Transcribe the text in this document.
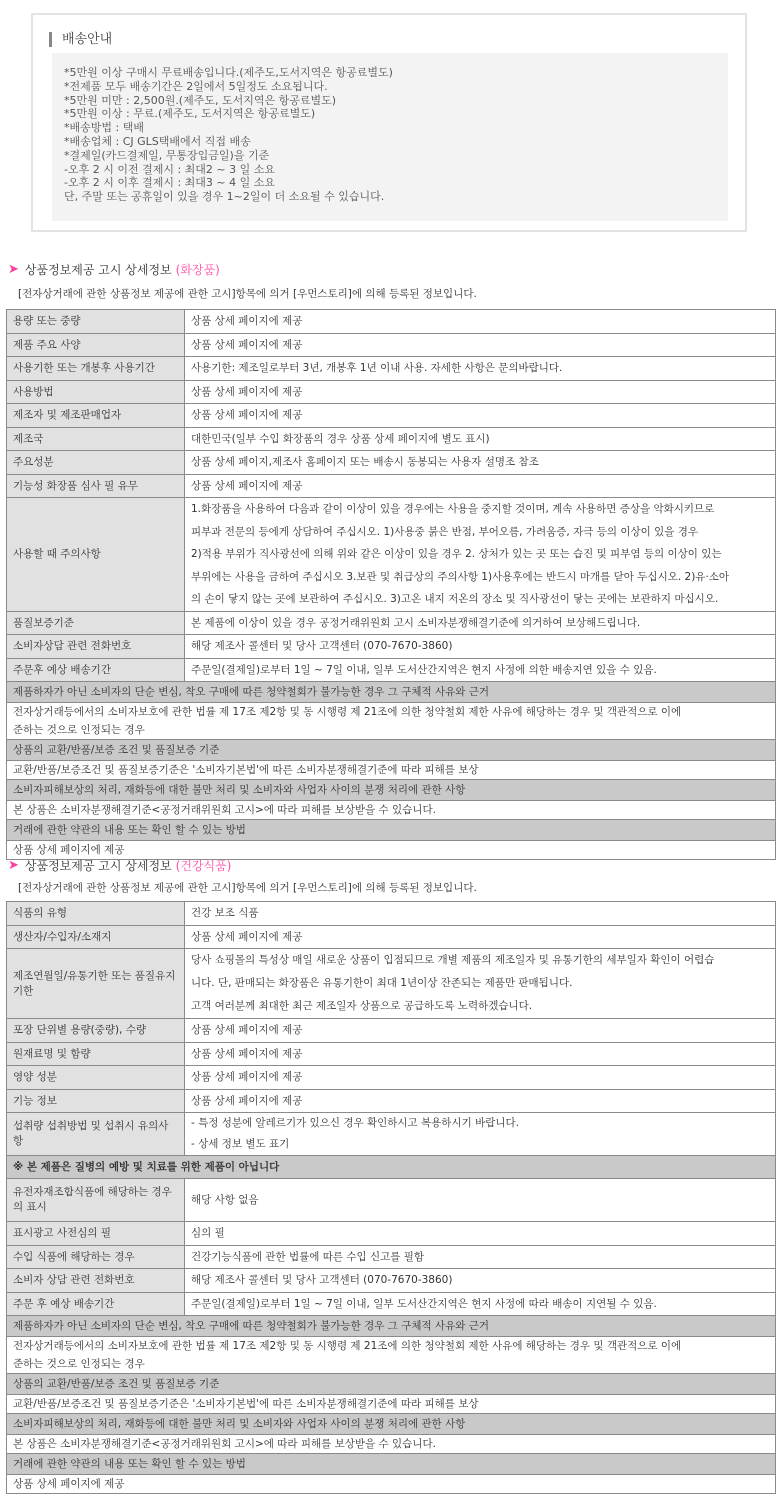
배송안내
*5만원 이상 구매시 무료배송입니다.(제주도,도서지역은 항공료별도)
*전제품 모두 배송기간은 2일에서 5일정도 소요됩니다.
*5만원 미만 : 2,500원.(제주도, 도서지역은 항공료별도)
*5만원 이상 : 무료.(제주도, 도서지역은 항공료별도)
*배송방법 : 택배
*배송업체 : CJ GLS택배에서 직접 배송
*결제일(카드결제일, 무통장입금일)을 기준
-오후 2 시 이전 결제시 : 최대2 ~ 3 일 소요
-오후 2 시 이후 결제시 : 최대3 ~ 4 일 소요
단, 주말 또는 공휴일이 있을 경우 1~2일이 더 소요될 수 있습니다.
➤ 상품정보제공 고시 상세정보 (화장품)
[전자상거래에 관한 상품정보 제공에 관한 고시]항목에 의거 [우먼스토리]에 의해 등록된 정보입니다.
용량 또는 중량	상품 상세 페이지에 제공
제품 주요 사양	상품 상세 페이지에 제공
사용기한 또는 개봉후 사용기간	사용기한: 제조일로부터 3년, 개봉후 1년 이내 사용. 자세한 사항은 문의바랍니다.
사용방법	상품 상세 페이지에 제공
제조자 및 제조판매업자	상품 상세 페이지에 제공
제조국	대한민국(일부 수입 화장품의 경우 상품 상세 페이지에 별도 표시)
주요성분	상품 상세 페이지,제조사 홈페이지 또는 배송시 동봉되는 사용자 설명조 참조
기능성 화장품 심사 필 유무	상품 상세 페이지에 제공
사용할 때 주의사항	1.화장품을 사용하여 다음과 같이 이상이 있을 경우에는 사용을 중지할 것이며, 계속 사용하면 증상을 악화시키므로
피부과 전문의 등에게 상담하여 주십시오. 1)사용중 붉은 반점, 부어오름, 가려움증, 자극 등의 이상이 있을 경우
2)적용 부위가 직사광선에 의해 위와 같은 이상이 있을 경우 2. 상처가 있는 곳 또는 습진 및 피부염 등의 이상이 있는
부위에는 사용을 금하여 주십시오 3.보관 및 취급상의 주의사항 1)사용후에는 반드시 마개를 닫아 두십시오. 2)유·소아
의 손이 닿지 않는 곳에 보관하여 주십시오. 3)고온 내지 저온의 장소 및 직사광선이 닿는 곳에는 보관하지 마십시오.

품질보증기준	본 제품에 이상이 있을 경우 공정거래위원회 고시 소비자분쟁해결기준에 의거하여 보상해드립니다.
소비자상담 관련 전화번호	해당 제조사 콜센터 및 당사 고객센터 (070-7670-3860)
주문후 예상 배송기간	주문일(결제일)로부터 1일 ~ 7일 이내, 일부 도서산간지역은 현지 사정에 의한 배송지연 있을 수 있음.
제품하자가 아닌 소비자의 단순 변심, 착오 구매에 따른 청약철회가 불가능한 경우 그 구체적 사유와 근거	

전자상거래등에서의 소비자보호에 관한 법률 제 17조 제2항 및 동 시행령 제 21조에 의한 청약철회 제한 사유에 해당하는 경우 및 객관적으로 이에
준하는 것으로 인정되는 경우	

상품의 교환/반품/보증 조건 및 품질보증 기준	

교환/반품/보증조건 및 품질보증기준은 '소비자기본법'에 따른 소비자분쟁해결기준에 따라 피해를 보상	

소비자피해보상의 처리, 재화등에 대한 불만 처리 및 소비자와 사업자 사이의 분쟁 처리에 관한 사항	

본 상품은 소비자분쟁해결기준<공정거래위원회 고시>에 따라 피해를 보상받을 수 있습니다.	

거래에 관한 약관의 내용 또는 확인 할 수 있는 방법	

상품 상세 페이지에 제공	
➤ 상품정보제공 고시 상세정보 (건강식품)
[전자상거래에 관한 상품정보 제공에 관한 고시]항목에 의거 [우먼스토리]에 의해 등록된 정보입니다.
식품의 유형	건강 보조 식품
생산자/수입자/소재지	상품 상세 페이지에 제공
제조연월일/유통기한 또는 품질유지기한	당사 쇼핑몰의 특성상 매일 새로운 상품이 입점되므로 개별 제품의 제조일자 및 유통기한의 세부일자 확인이 어렵습
니다. 단, 판매되는 화장품은 유통기한이 최대 1년이상 잔존되는 제품만 판매됩니다.
고객 여러분께 최대한 최근 제조일자 상품으로 공급하도록 노력하겠습니다.

포장 단위별 용량(중량), 수량	상품 상세 페이지에 제공
원재료명 및 함량	상품 상세 페이지에 제공
영양 성분	상품 상세 페이지에 제공
기능 정보	상품 상세 페이지에 제공
섭취량 섭취방법 및 섭취시 유의사항	- 특정 성분에 알레르기가 있으신 경우 확인하시고 복용하시기 바랍니다.
- 상세 정보 별도 표기

※ 본 제품은 질병의 예방 및 치료를 위한 제품이 아닙니다	
유전자재조합식품에 해당하는 경우의 표시	해당 사항 없음
표시광고 사전심의 필	심의 필
수입 식품에 해당하는 경우	건강기능식품에 관한 법률에 따른 수입 신고를 필함
소비자 상담 관련 전화번호	해당 제조사 콜센터 및 당사 고객센터 (070-7670-3860)
주문 후 예상 배송기간	주문일(결제일)로부터 1일 ~ 7일 이내, 일부 도서산간지역은 현지 사정에 따라 배송이 지연될 수 있음.
제품하자가 아닌 소비자의 단순 변심, 착오 구매에 따른 청약철회가 불가능한 경우 그 구체적 사유와 근거	

전자상거래등에서의 소비자보호에 관한 법률 제 17조 제2항 및 동 시행령 제 21조에 의한 청약철회 제한 사유에 해당하는 경우 및 객관적으로 이에
준하는 것으로 인정되는 경우	

상품의 교환/반품/보증 조건 및 품질보증 기준	

교환/반품/보증조건 및 품질보증기준은 '소비자기본법'에 따른 소비자분쟁해결기준에 따라 피해를 보상	

소비자피해보상의 처리, 재화등에 대한 불만 처리 및 소비자와 사업자 사이의 분쟁 처리에 관한 사항	

본 상품은 소비자분쟁해결기준<공정거래위원회 고시>에 따라 피해를 보상받을 수 있습니다.	

거래에 관한 약관의 내용 또는 확인 할 수 있는 방법	

상품 상세 페이지에 제공	
